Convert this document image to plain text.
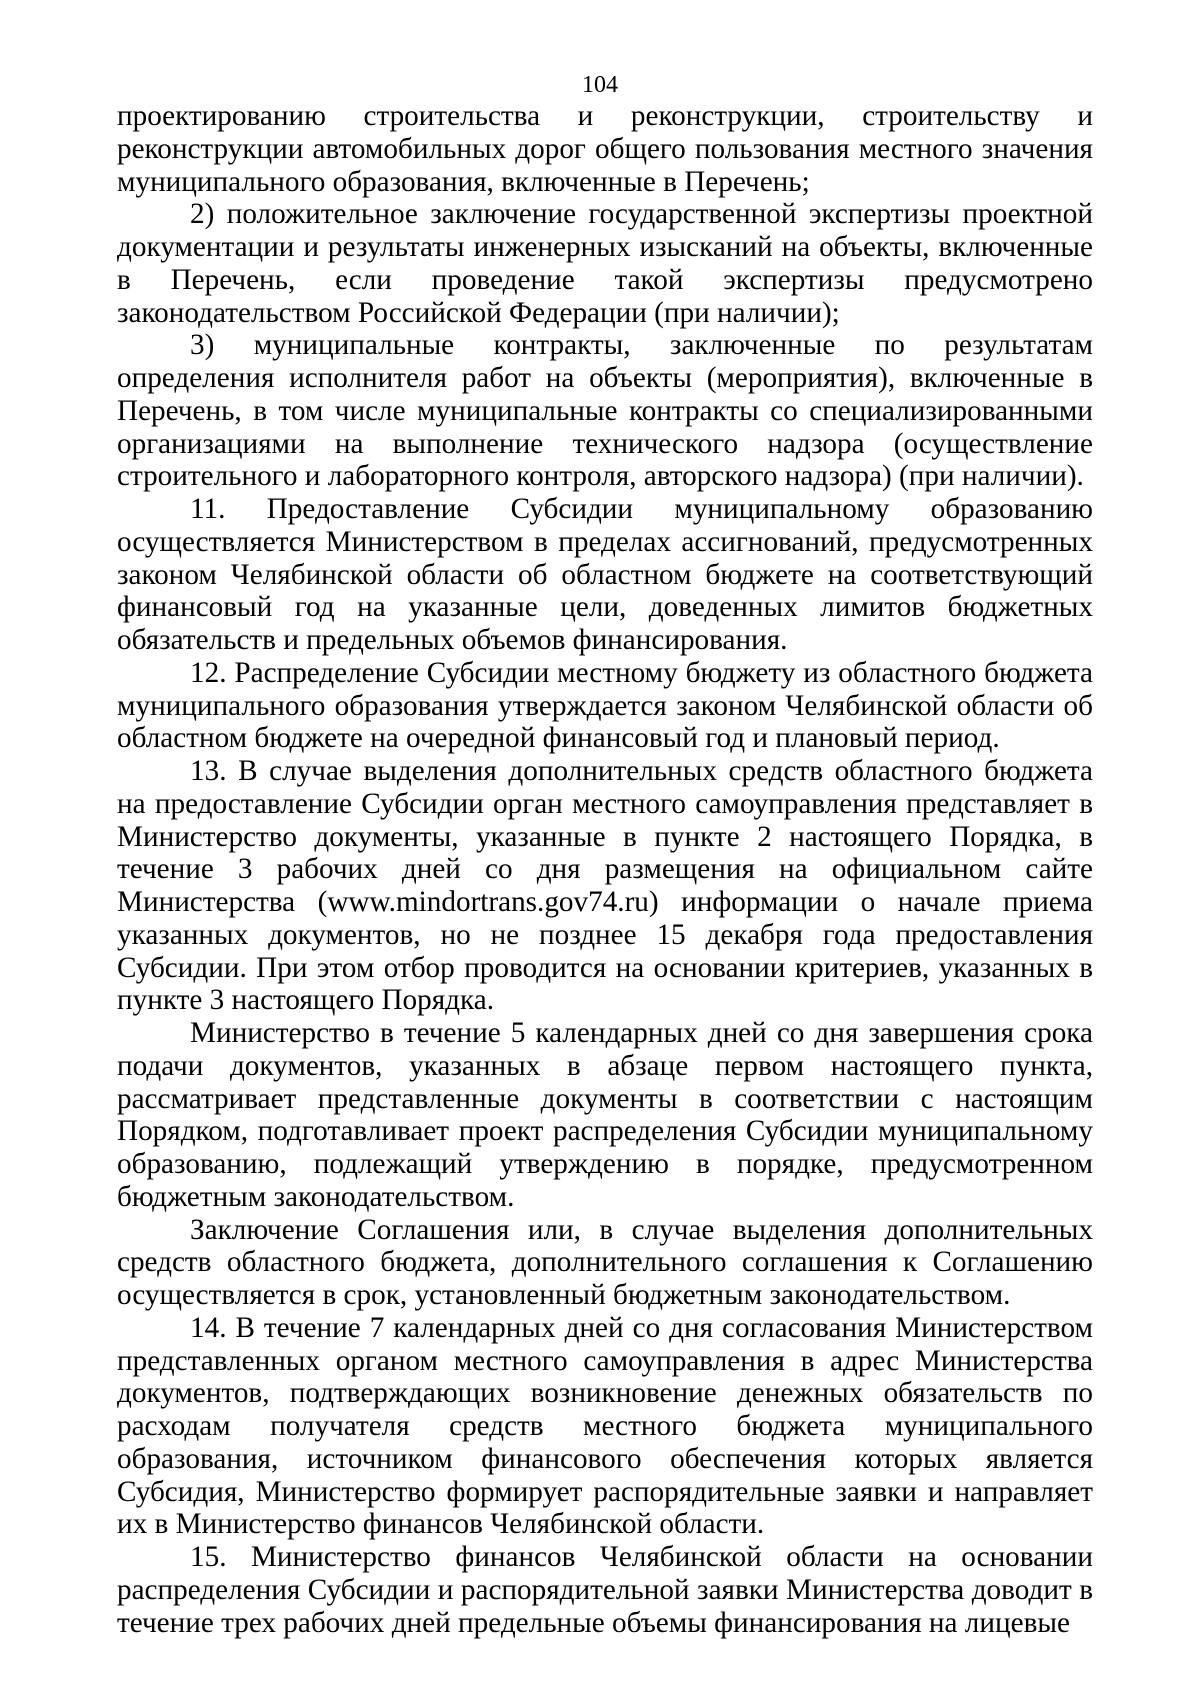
104

проектированию строительства и реконструкции, строительству и реконструкции автомобильных дорог общего пользования местного значения муниципального образования, включенные в Перечень;

2) положительное заключение государственной экспертизы проектной документации и результаты инженерных изысканий на объекты, включенные в Перечень, если проведение такой экспертизы предусмотрено законодательством Российской Федерации (при наличии);

3) муниципальные контракты, заключенные по результатам определения исполнителя работ на объекты (мероприятия), включенные в Перечень, в том числе муниципальные контракты со специализированными организациями на выполнение технического надзора (осуществление строительного и лабораторного контроля, авторского надзора) (при наличии).

11. Предоставление Субсидии муниципальному образованию осуществляется Министерством в пределах ассигнований, предусмотренных законом Челябинской области об областном бюджете на соответствующий финансовый год на указанные цели, доведенных лимитов бюджетных обязательств и предельных объемов финансирования.

12. Распределение Субсидии местному бюджету из областного бюджета муниципального образования утверждается законом Челябинской области об областном бюджете на очередной финансовый год и плановый период.

13. В случае выделения дополнительных средств областного бюджета на предоставление Субсидии орган местного самоуправления представляет в Министерство документы, указанные в пункте 2 настоящего Порядка, в течение 3 рабочих дней со дня размещения на официальном сайте Министерства (www.mindortrans.gov74.ru) информации о начале приема указанных документов, но не позднее 15 декабря года предоставления Субсидии. При этом отбор проводится на основании критериев, указанных в пункте 3 настоящего Порядка.

Министерство в течение 5 календарных дней со дня завершения срока подачи документов, указанных в абзаце первом настоящего пункта, рассматривает представленные документы в соответствии с настоящим Порядком, подготавливает проект распределения Субсидии муниципальному образованию, подлежащий утверждению в порядке, предусмотренном бюджетным законодательством.

Заключение Соглашения или, в случае выделения дополнительных средств областного бюджета, дополнительного соглашения к Соглашению осуществляется в срок, установленный бюджетным законодательством.

14. В течение 7 календарных дней со дня согласования Министерством представленных органом местного самоуправления в адрес Министерства документов, подтверждающих возникновение денежных обязательств по расходам получателя средств местного бюджета муниципального образования, источником финансового обеспечения которых является Субсидия, Министерство формирует распорядительные заявки и направляет их в Министерство финансов Челябинской области.

15. Министерство финансов Челябинской области на основании распределения Субсидии и распорядительной заявки Министерства доводит в течение трех рабочих дней предельные объемы финансирования на лицевые
